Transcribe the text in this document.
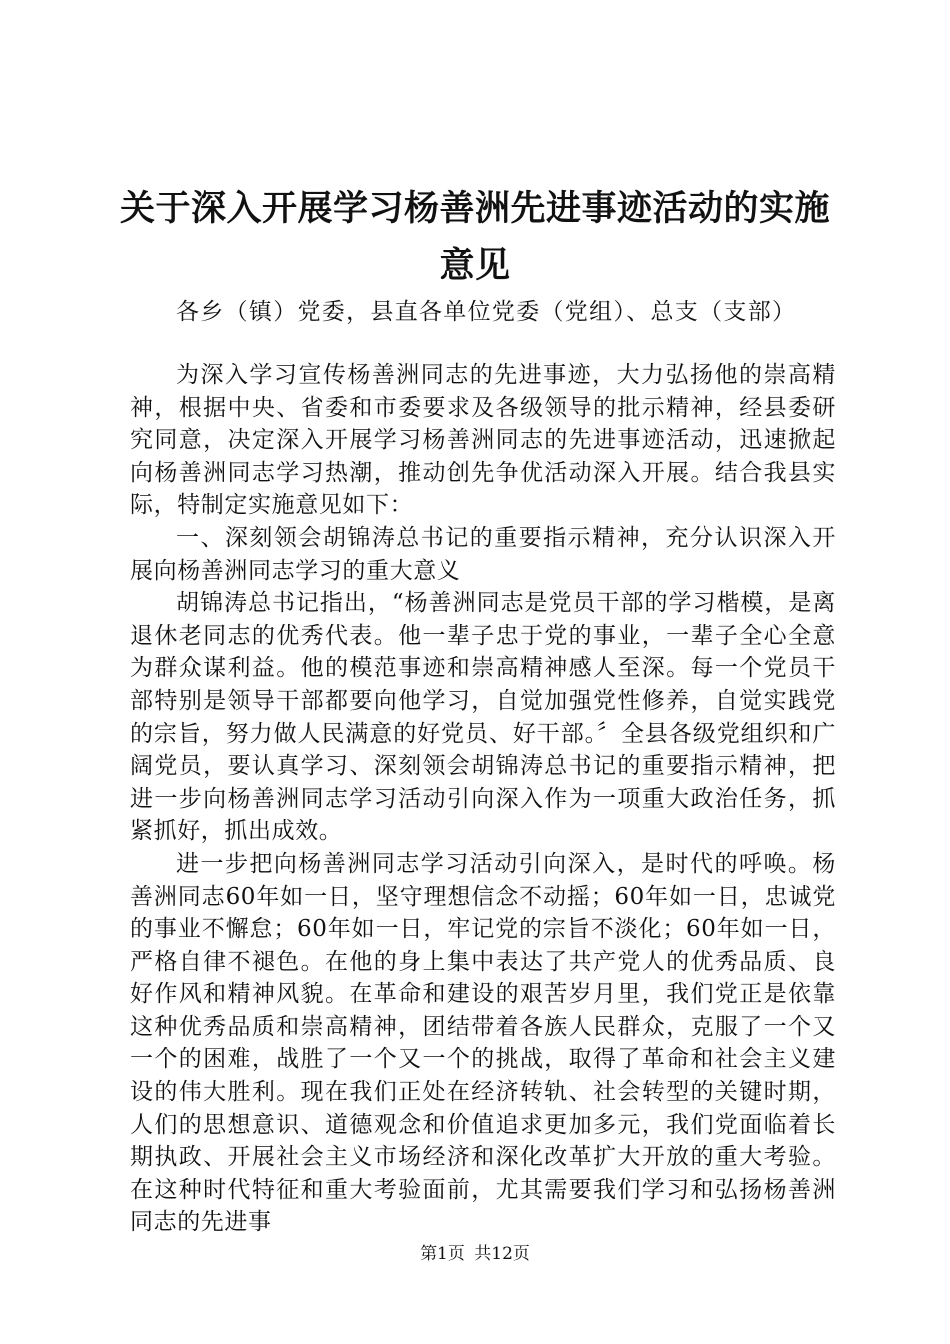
关于深入开展学习杨善洲先进事迹活动的实施
意见
各乡（镇）党委，县直各单位党委（党组）、总支（支部）

为深入学习宣传杨善洲同志的先进事迹，大力弘扬他的崇高精神，根据中央、省委和市委要求及各级领导的批示精神，经县委研究同意，决定深入开展学习杨善洲同志的先进事迹活动，迅速掀起向杨善洲同志学习热潮，推动创先争优活动深入开展。结合我县实际，特制定实施意见如下：

一、深刻领会胡锦涛总书记的重要指示精神，充分认识深入开展向杨善洲同志学习的重大意义

胡锦涛总书记指出，“杨善洲同志是党员干部的学习楷模，是离退休老同志的优秀代表。他一辈子忠于党的事业，一辈子全心全意为群众谋利益。他的模范事迹和崇高精神感人至深。每一个党员干部特别是领导干部都要向他学习，自觉加强党性修养，自觉实践党的宗旨，努力做人民满意的好党员、好干部。〞全县各级党组织和广阔党员，要认真学习、深刻领会胡锦涛总书记的重要指示精神，把进一步向杨善洲同志学习活动引向深入作为一项重大政治任务，抓紧抓好，抓出成效。

进一步把向杨善洲同志学习活动引向深入，是时代的呼唤。杨善洲同志60年如一日，坚守理想信念不动摇；60年如一日，忠诚党的事业不懈怠；60年如一日，牢记党的宗旨不淡化；60年如一日，严格自律不褪色。在他的身上集中表达了共产党人的优秀品质、良好作风和精神风貌。在革命和建设的艰苦岁月里，我们党正是依靠这种优秀品质和崇高精神，团结带着各族人民群众，克服了一个又一个的困难，战胜了一个又一个的挑战，取得了革命和社会主义建设的伟大胜利。现在我们正处在经济转轨、社会转型的关键时期，人们的思想意识、道德观念和价值追求更加多元，我们党面临着长期执政、开展社会主义市场经济和深化改革扩大开放的重大考验。在这种时代特征和重大考验面前，尤其需要我们学习和弘扬杨善洲同志的先进事

第1页 共12页
